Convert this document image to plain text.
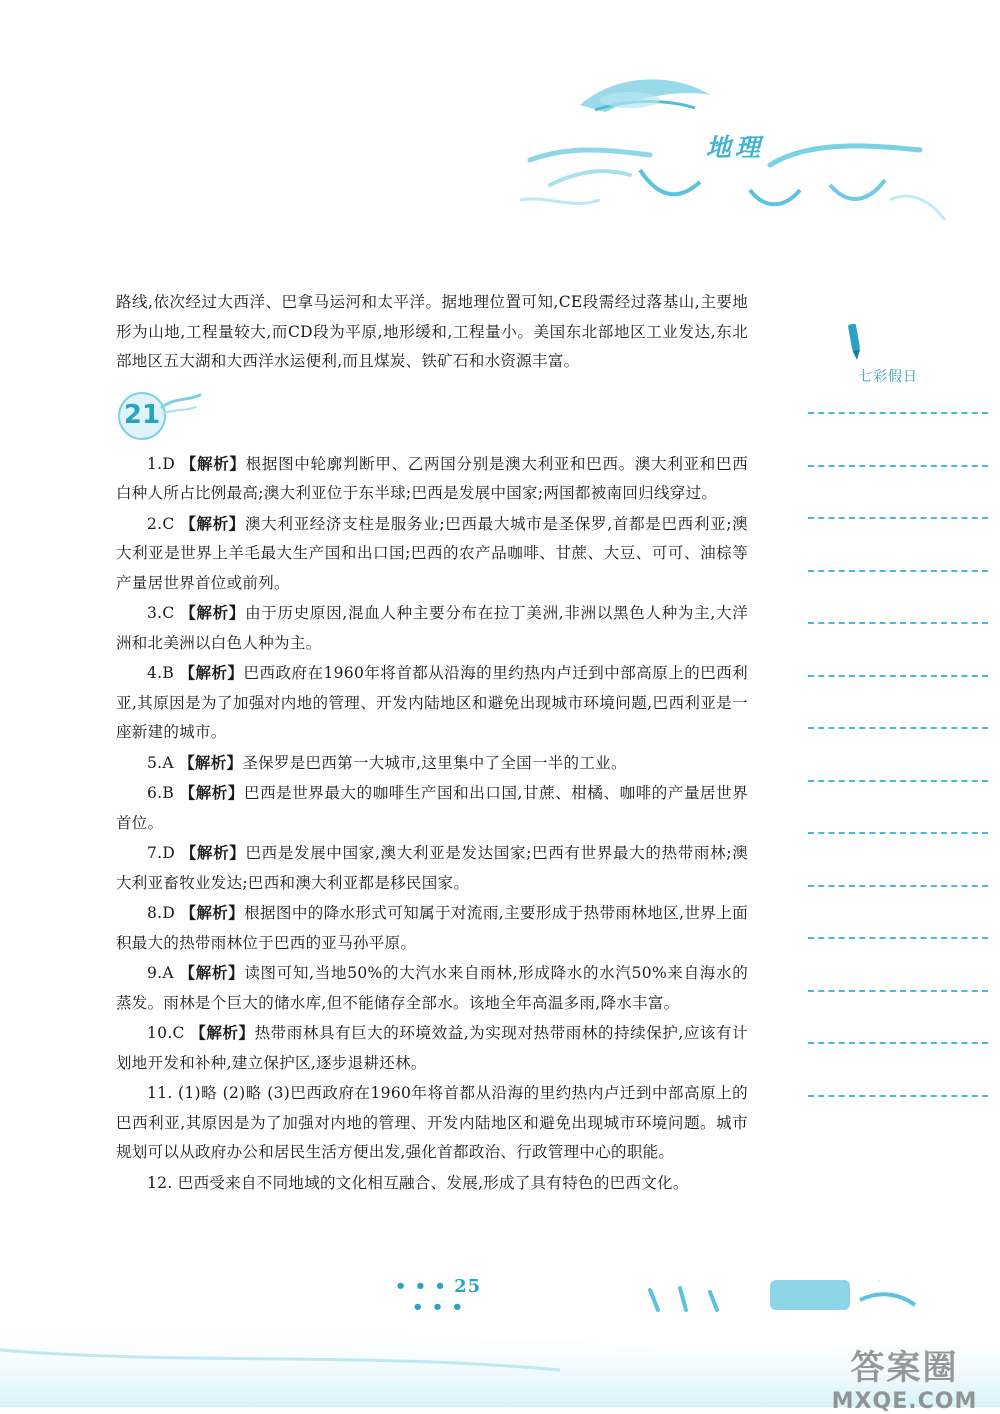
地理

路线,依次经过大西洋、巴拿马运河和太平洋。据地理位置可知,CE段需经过落基山,主要地形为山地,工程量较大,而CD段为平原,地形缓和,工程量小。美国东北部地区工业发达,东北部地区五大湖和大西洋水运便利,而且煤炭、铁矿石和水资源丰富。

21

1.D 【解析】根据图中轮廓判断甲、乙两国分别是澳大利亚和巴西。澳大利亚和巴西白种人所占比例最高;澳大利亚位于东半球;巴西是发展中国家;两国都被南回归线穿过。

2.C 【解析】澳大利亚经济支柱是服务业;巴西最大城市是圣保罗,首都是巴西利亚;澳大利亚是世界上羊毛最大生产国和出口国;巴西的农产品咖啡、甘蔗、大豆、可可、油棕等产量居世界首位或前列。

3.C 【解析】由于历史原因,混血人种主要分布在拉丁美洲,非洲以黑色人种为主,大洋洲和北美洲以白色人种为主。

4.B 【解析】巴西政府在1960年将首都从沿海的里约热内卢迁到中部高原上的巴西利亚,其原因是为了加强对内地的管理、开发内陆地区和避免出现城市环境问题,巴西利亚是一座新建的城市。

5.A 【解析】圣保罗是巴西第一大城市,这里集中了全国一半的工业。

6.B 【解析】巴西是世界最大的咖啡生产国和出口国,甘蔗、柑橘、咖啡的产量居世界首位。

7.D 【解析】巴西是发展中国家,澳大利亚是发达国家;巴西有世界最大的热带雨林;澳大利亚畜牧业发达;巴西和澳大利亚都是移民国家。

8.D 【解析】根据图中的降水形式可知属于对流雨,主要形成于热带雨林地区,世界上面积最大的热带雨林位于巴西的亚马孙平原。

9.A 【解析】读图可知,当地50%的大汽水来自雨林,形成降水的水汽50%来自海水的蒸发。雨林是个巨大的储水库,但不能储存全部水。该地全年高温多雨,降水丰富。

10.C 【解析】热带雨林具有巨大的环境效益,为实现对热带雨林的持续保护,应该有计划地开发和补种,建立保护区,逐步退耕还林。

11. (1)略 (2)略 (3)巴西政府在1960年将首都从沿海的里约热内卢迁到中部高原上的巴西利亚,其原因是为了加强对内地的管理、开发内陆地区和避免出现城市环境问题。城市规划可以从政府办公和居民生活方便出发,强化首都政治、行政管理中心的职能。

12. 巴西受来自不同地域的文化相互融合、发展,形成了具有特色的巴西文化。

七彩假日
• • • 25 • • •
答案圈
MXQE.COM
